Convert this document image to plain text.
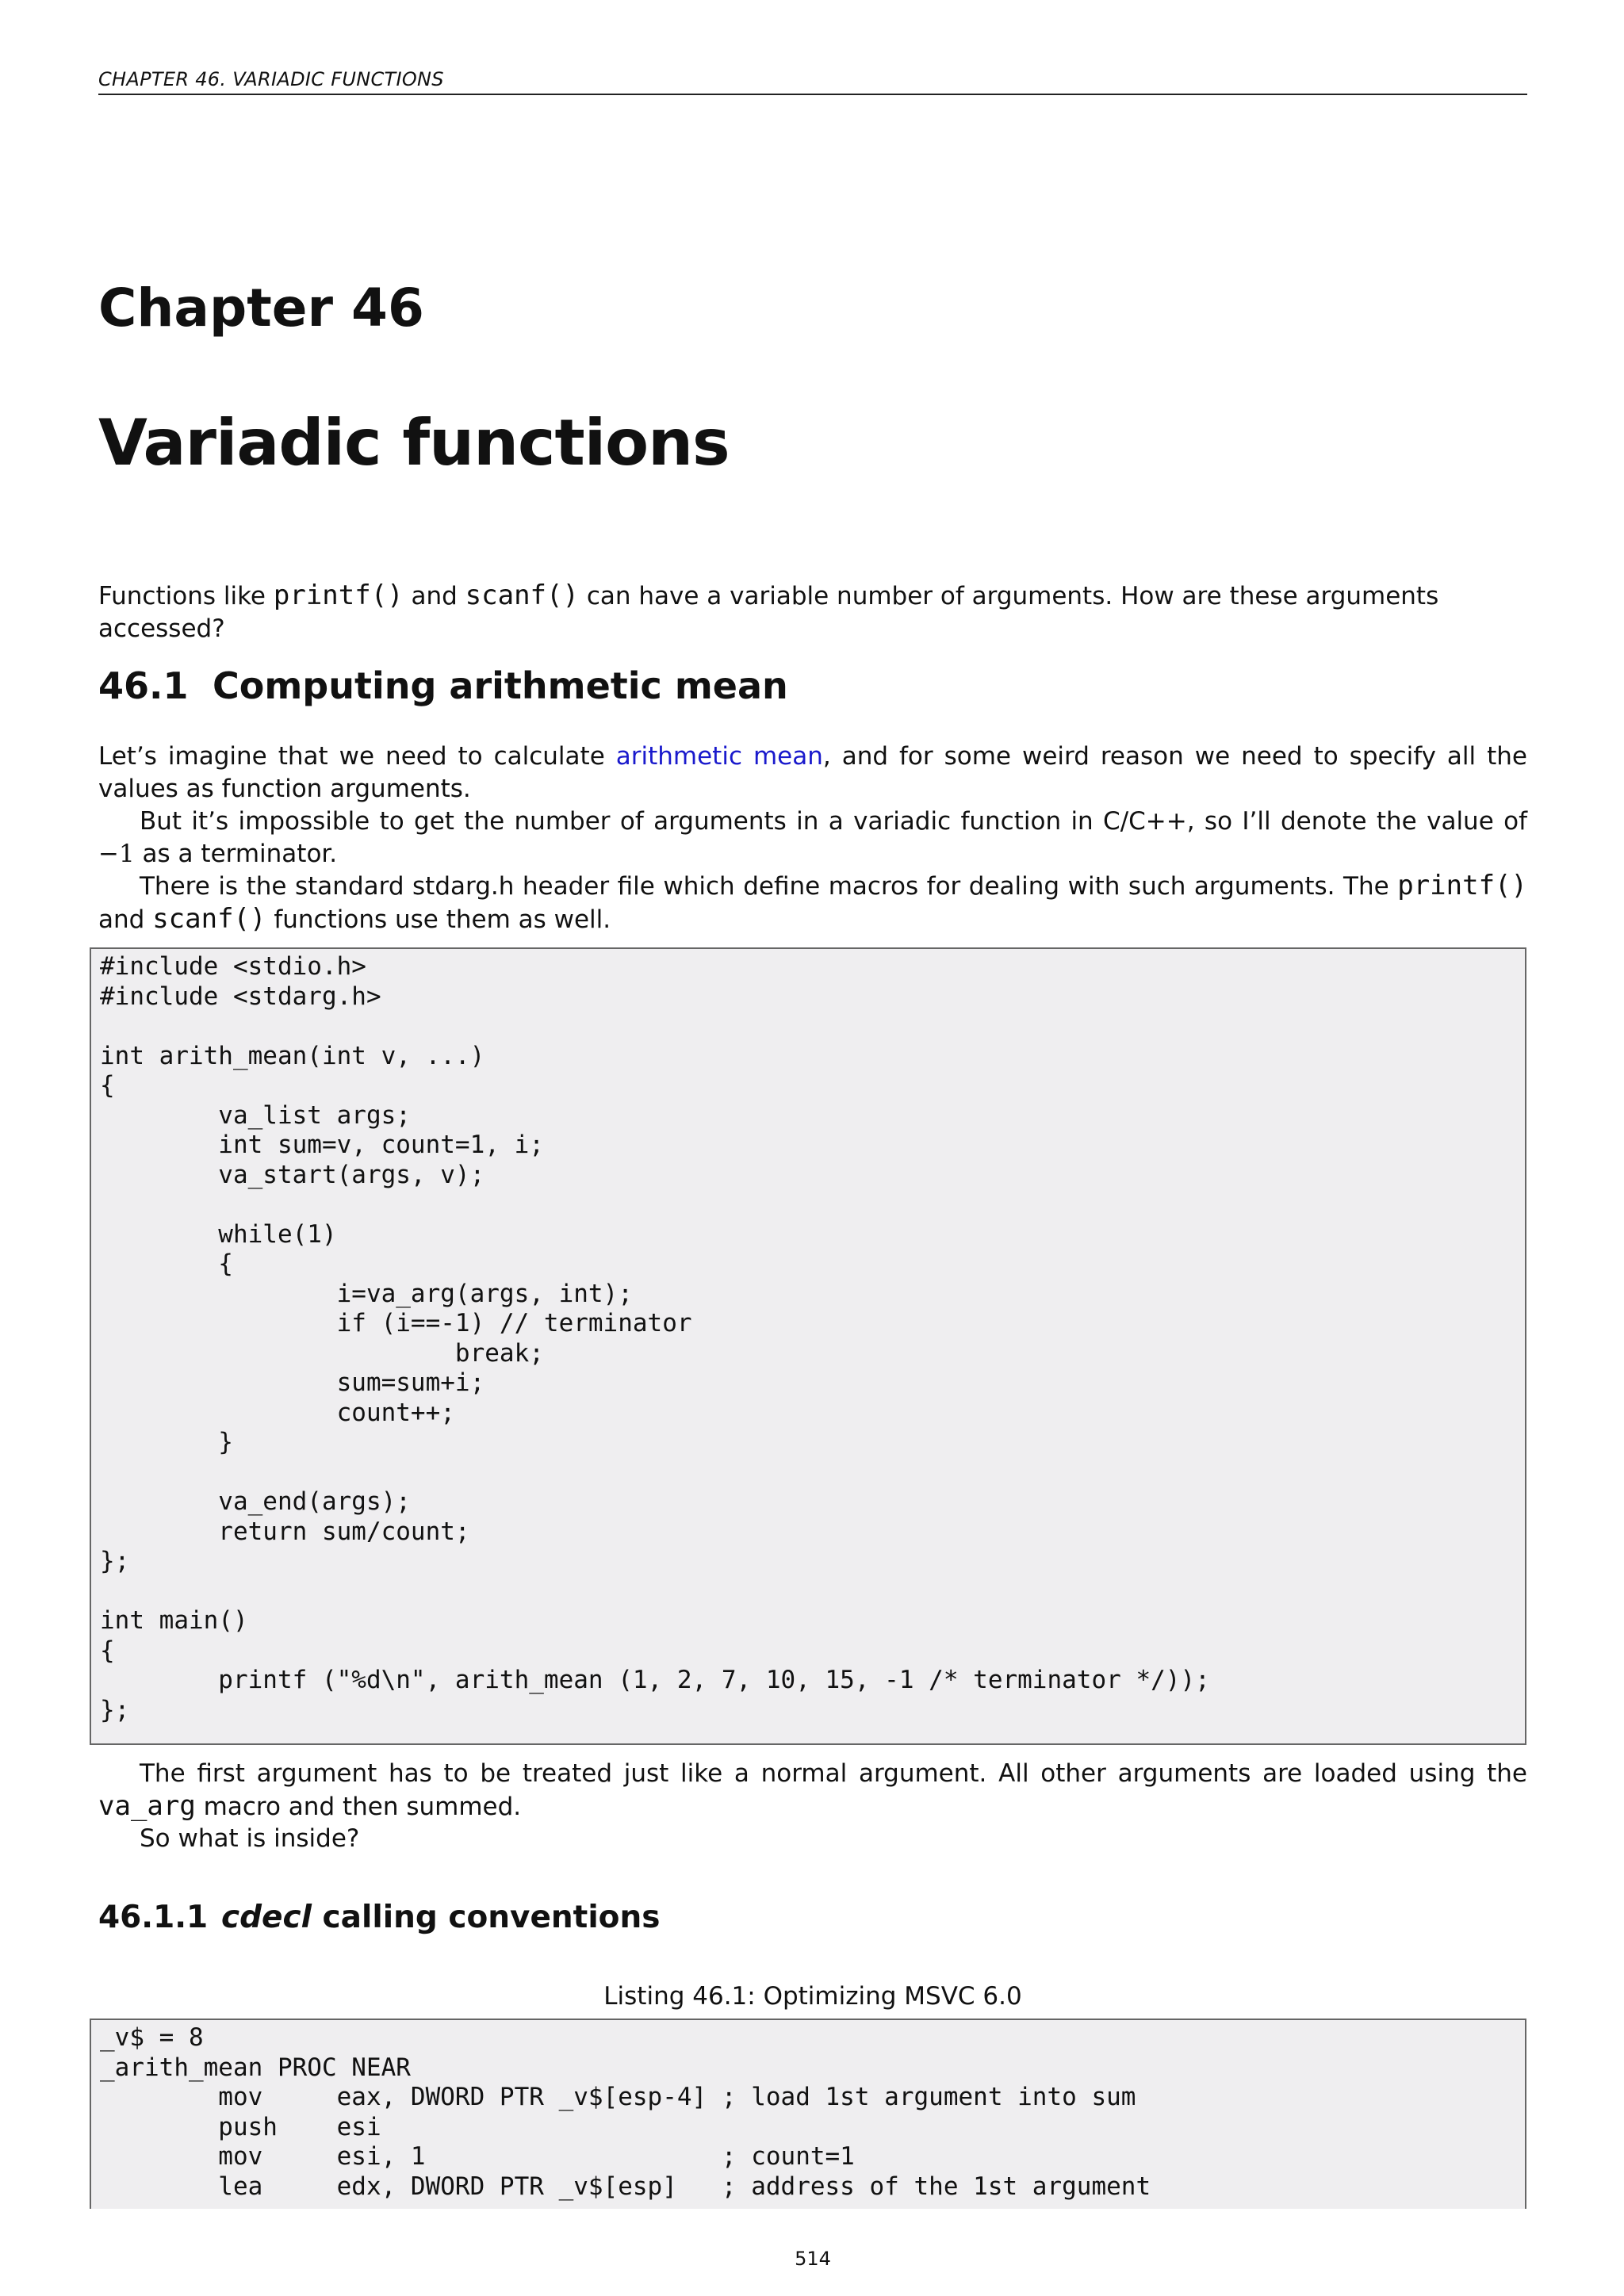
CHAPTER 46. VARIADIC FUNCTIONS
Chapter 46
Variadic functions
Functions like printf() and scanf() can have a variable number of arguments. How are these arguments accessed?
46.1 Computing arithmetic mean
Let’s imagine that we need to calculate arithmetic mean, and for some weird reason we need to specify all the values as function arguments.
But it’s impossible to get the number of arguments in a variadic function in C/C++, so I’ll denote the value of −1 as a terminator.
There is the standard stdarg.h header file which define macros for dealing with such arguments. The printf() and scanf() functions use them as well.
#include <stdio.h>
#include <stdarg.h>

int arith_mean(int v, ...)
{
va_list args;
int sum=v, count=1, i;
va_start(args, v);

while(1)
{
i=va_arg(args, int);
if (i==-1) // terminator
break;
sum=sum+i;
count++;
}

va_end(args);
return sum/count;
};

int main()
{
printf ("%d\n", arith_mean (1, 2, 7, 10, 15, -1 /* terminator */));
};
The first argument has to be treated just like a normal argument. All other arguments are loaded using the va_arg macro and then summed.
So what is inside?
46.1.1 cdecl calling conventions
Listing 46.1: Optimizing MSVC 6.0
_v$ = 8
_arith_mean PROC NEAR
mov     eax, DWORD PTR _v$[esp-4] ; load 1st argument into sum
push    esi
mov     esi, 1                    ; count=1
lea     edx, DWORD PTR _v$[esp]   ; address of the 1st argument
514
